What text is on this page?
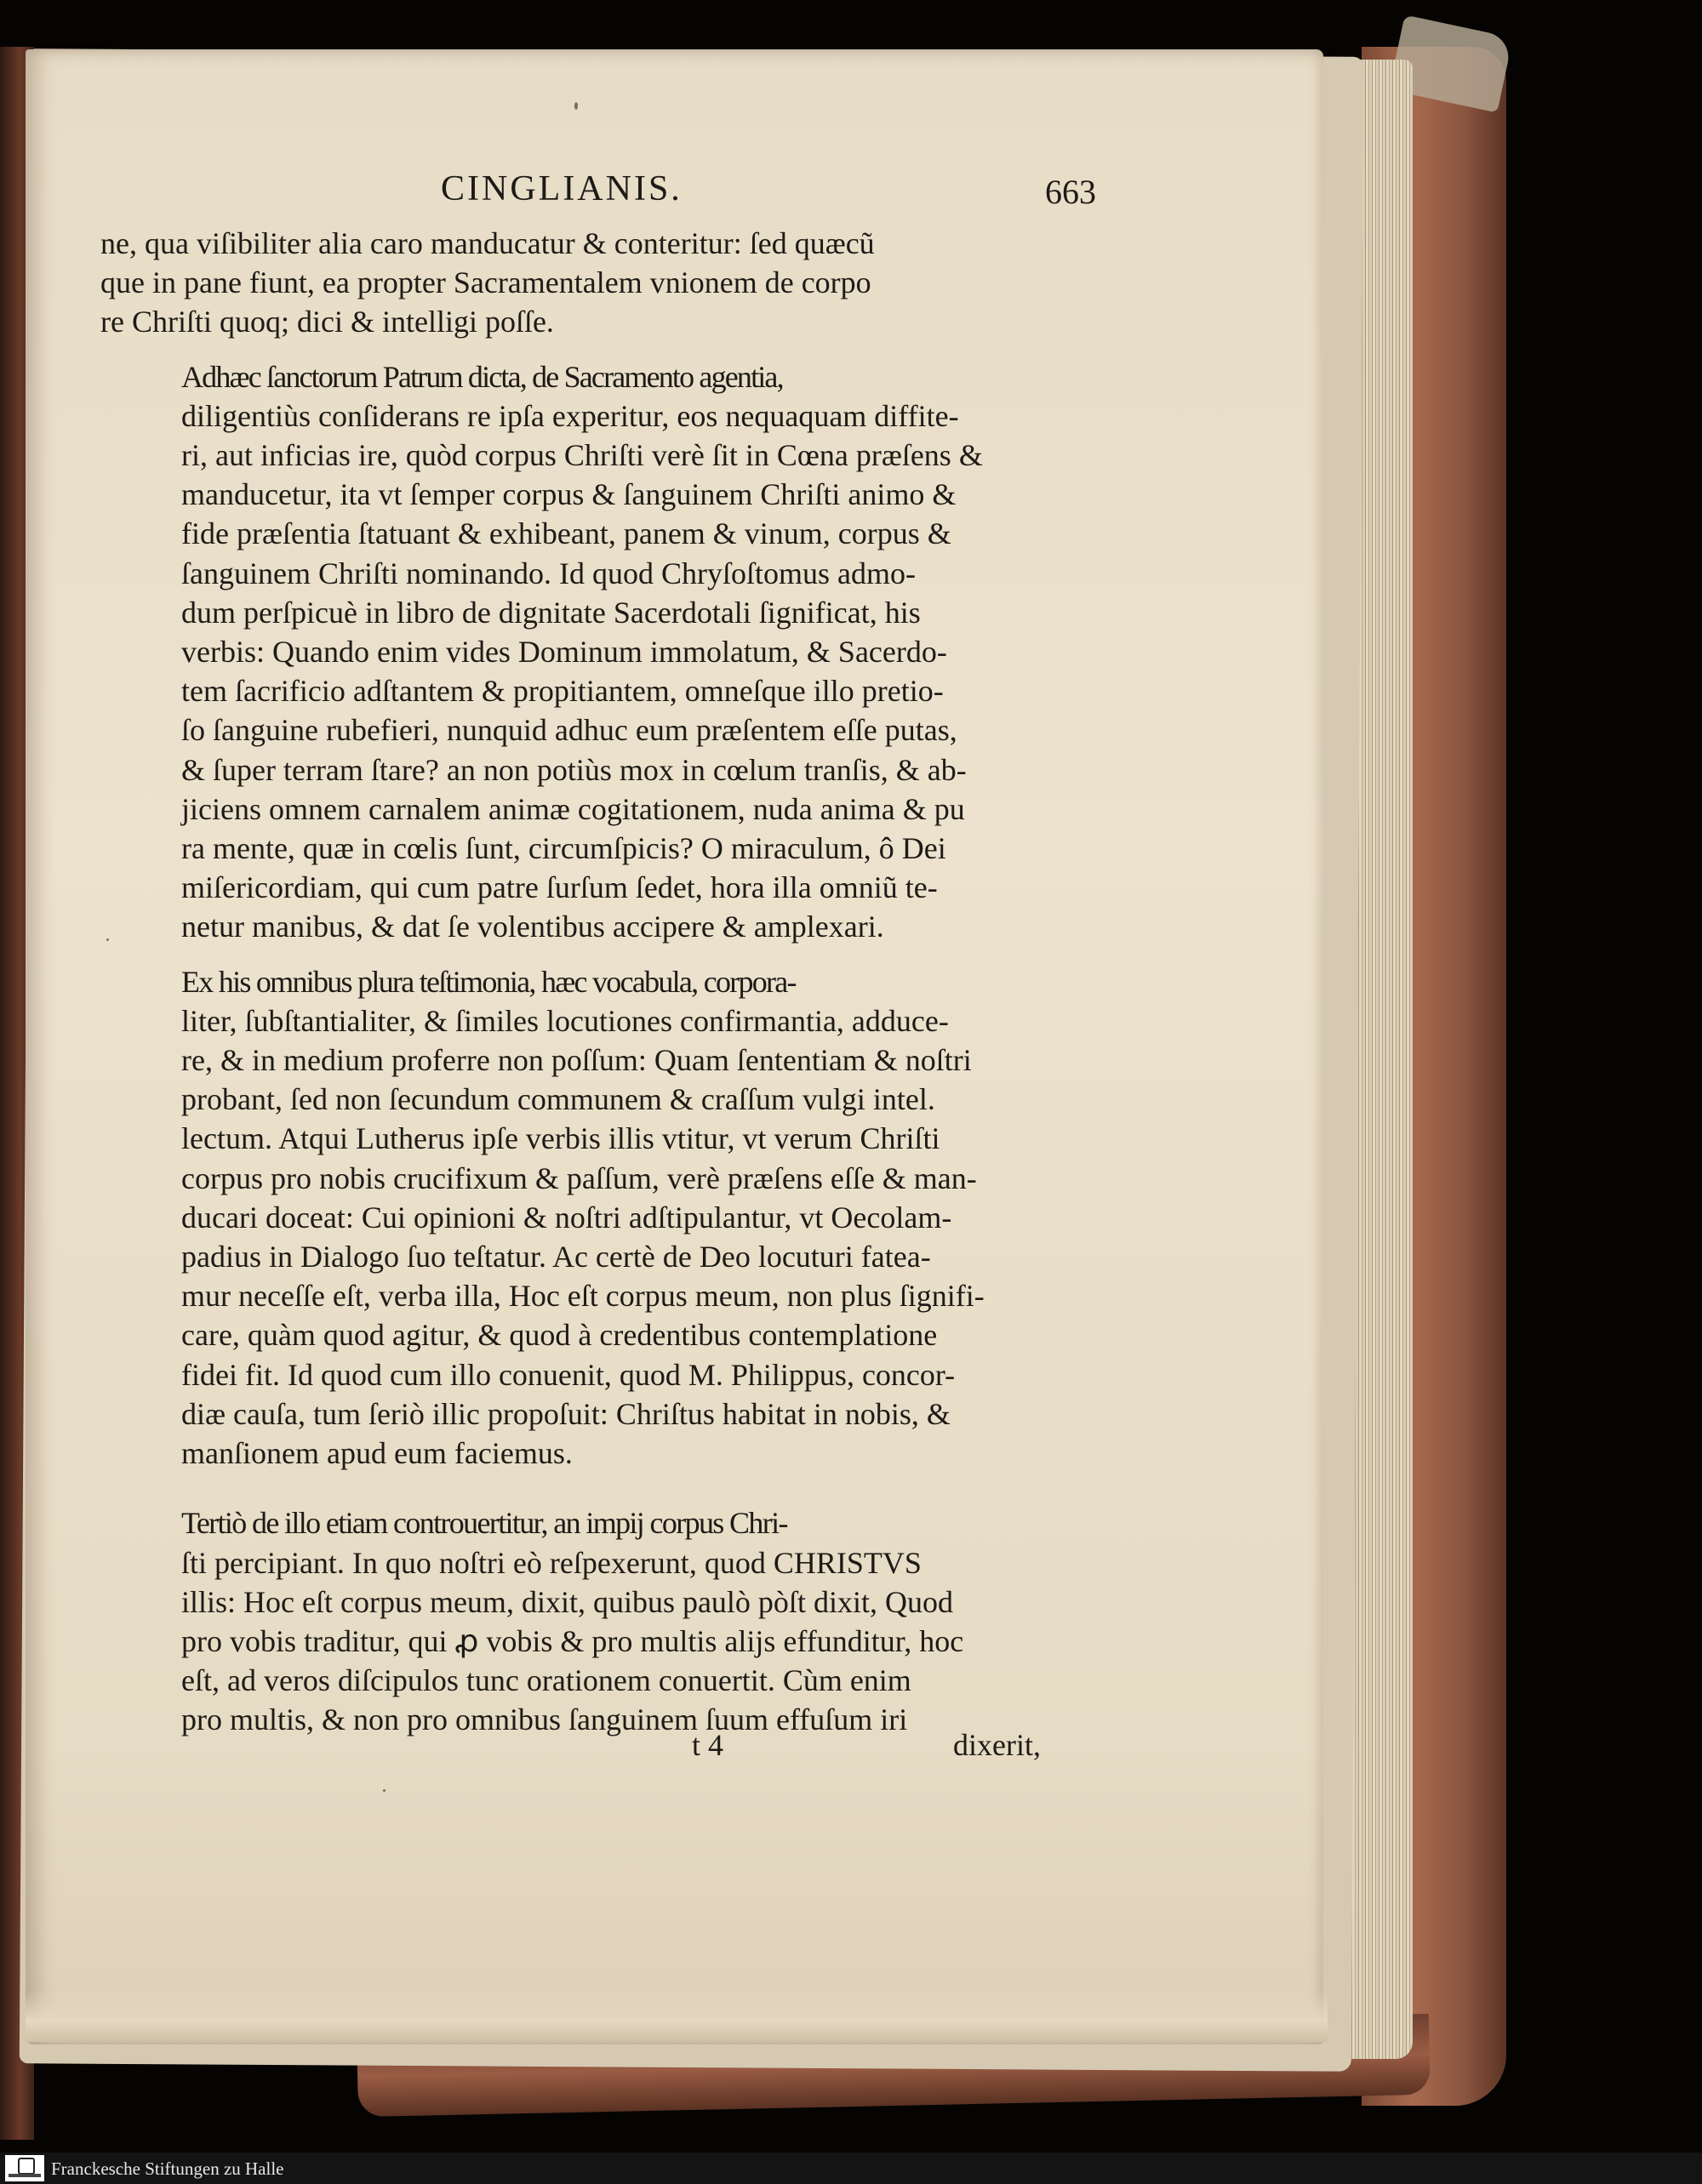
CINGLIANIS.	663

ne, qua viſibiliter alia caro manducatur & conteritur: ſed quæcũ
que in pane fiunt, ea propter Sacramentalem vnionem de corpo
re Chriſti quoq; dici & intelligi poſſe.

Adhæc ſanctorum Patrum dicta, de Sacramento agentia,
diligentiùs conſiderans re ipſa experitur, eos nequaquam diffite-
ri, aut inficias ire, quòd corpus Chriſti verè ſit in Cœna præſens &
manducetur, ita vt ſemper corpus & ſanguinem Chriſti animo &
fide præſentia ſtatuant & exhibeant, panem & vinum, corpus &
ſanguinem Chriſti nominando. Id quod Chryſoſtomus admo-
dum perſpicuè in libro de dignitate Sacerdotali ſignificat, his
verbis: Quando enim vides Dominum immolatum, & Sacerdo-
tem ſacrificio adſtantem & propitiantem, omneſque illo pretio-
ſo ſanguine rubefieri, nunquid adhuc eum præſentem eſſe putas,
& ſuper terram ſtare? an non potiùs mox in cœlum tranſis, & ab-
jiciens omnem carnalem animæ cogitationem, nuda anima & pu
ra mente, quæ in cœlis ſunt, circumſpicis? O miraculum, ô Dei
miſericordiam, qui cum patre ſurſum ſedet, hora illa omniũ te-
netur manibus, & dat ſe volentibus accipere & amplexari.

Ex his omnibus plura teſtimonia, hæc vocabula, corpora-
liter, ſubſtantialiter, & ſimiles locutiones confirmantia, adduce-
re, & in medium proferre non poſſum: Quam ſententiam & noſtri
probant, ſed non ſecundum communem & craſſum vulgi intel.
lectum. Atqui Lutherus ipſe verbis illis vtitur, vt verum Chriſti
corpus pro nobis crucifixum & paſſum, verè præſens eſſe & man-
ducari doceat: Cui opinioni & noſtri adſtipulantur, vt Oecolam-
padius in Dialogo ſuo teſtatur. Ac certè de Deo locuturi fatea-
mur neceſſe eſt, verba illa, Hoc eſt corpus meum, non plus ſignifi-
care, quàm quod agitur, & quod à credentibus contemplatione
fidei fit. Id quod cum illo conuenit, quod M. Philippus, concor-
diæ cauſa, tum ſeriò illic propoſuit: Chriſtus habitat in nobis, &
manſionem apud eum faciemus.

Tertiò de illo etiam controuertitur, an impij corpus Chri-
ſti percipiant. In quo noſtri eò reſpexerunt, quod CHRISTVS
illis: Hoc eſt corpus meum, dixit, quibus paulò pòſt dixit, Quod
pro vobis traditur, qui ꝓ vobis & pro multis alijs effunditur, hoc
eſt, ad veros diſcipulos tunc orationem conuertit. Cùm enim
pro multis, & non pro omnibus ſanguinem ſuum effuſum iri

t 4	dixerit,
Franckesche Stiftungen zu Halle
